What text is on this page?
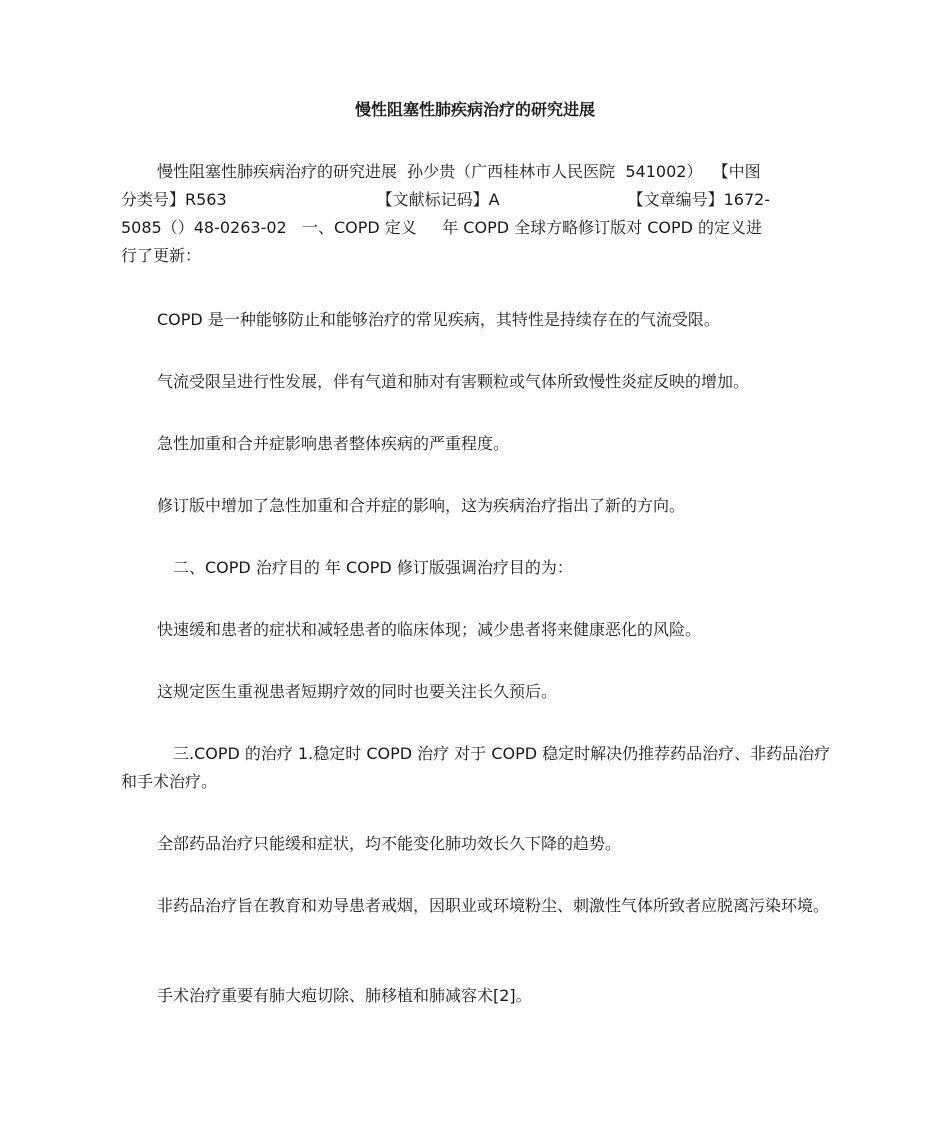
慢性阻塞性肺疾病治疗的研究进展
慢性阻塞性肺疾病治疗的研究进展  孙少贵（广西桂林市人民医院  541002）  【中图
分类号】R563	【文献标记码】A	【文章编号】1672-
5085（）48-0263-02   一、COPD 定义     年 COPD 全球方略修订版对 COPD 的定义进
行了更新：

COPD 是一种能够防止和能够治疗的常见疾病，其特性是持续存在的气流受限。

气流受限呈进行性发展，伴有气道和肺对有害颗粒或气体所致慢性炎症反映的增加。

急性加重和合并症影响患者整体疾病的严重程度。

修订版中增加了急性加重和合并症的影响，这为疾病治疗指出了新的方向。

二、COPD 治疗目的 年 COPD 修订版强调治疗目的为：

快速缓和患者的症状和减轻患者的临床体现；减少患者将来健康恶化的风险。

这规定医生重视患者短期疗效的同时也要关注长久预后。

三.COPD 的治疗 1.稳定时 COPD 治疗 对于 COPD 稳定时解决仍推荐药品治疗、非药品治疗和手术治疗。

全部药品治疗只能缓和症状，均不能变化肺功效长久下降的趋势。

非药品治疗旨在教育和劝导患者戒烟，因职业或环境粉尘、刺激性气体所致者应脱离污染环境。

手术治疗重要有肺大疱切除、肺移植和肺减容术[2]。
